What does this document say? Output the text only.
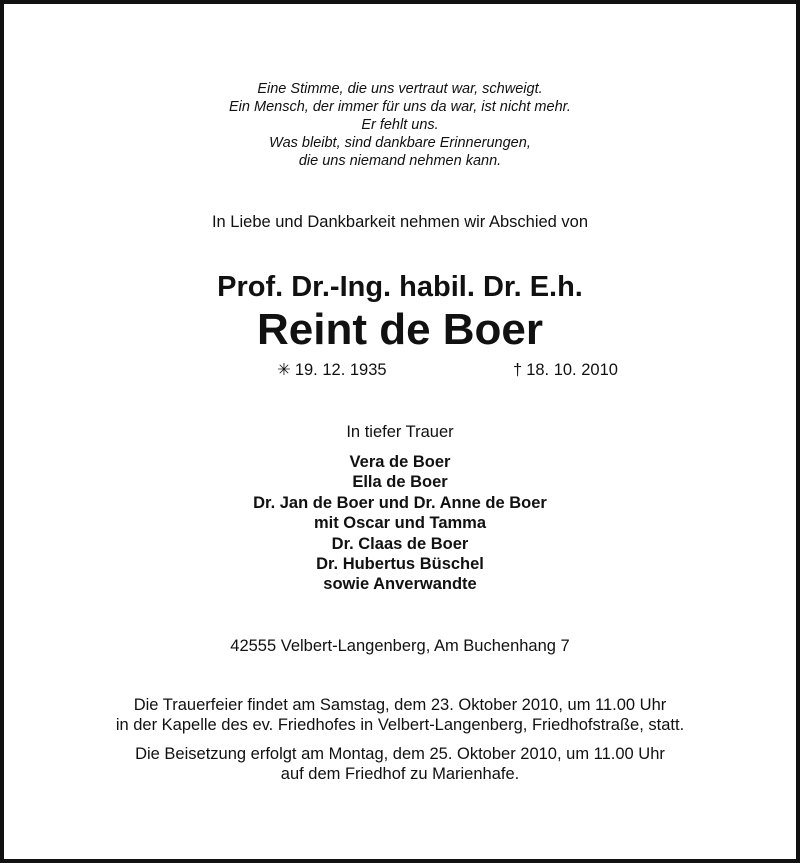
Eine Stimme, die uns vertraut war, schweigt.
Ein Mensch, der immer für uns da war, ist nicht mehr.
Er fehlt uns.
Was bleibt, sind dankbare Erinnerungen,
die uns niemand nehmen kann.
In Liebe und Dankbarkeit nehmen wir Abschied von
Prof. Dr.-Ing. habil. Dr. E.h.
Reint de Boer
✳ 19. 12. 1935	† 18. 10. 2010
In tiefer Trauer
Vera de Boer
Ella de Boer
Dr. Jan de Boer und Dr. Anne de Boer
mit Oscar und Tamma
Dr. Claas de Boer
Dr. Hubertus Büschel
sowie Anverwandte
42555 Velbert-Langenberg, Am Buchenhang 7
Die Trauerfeier findet am Samstag, dem 23. Oktober 2010, um 11.00 Uhr
in der Kapelle des ev. Friedhofes in Velbert-Langenberg, Friedhofstraße, statt.
Die Beisetzung erfolgt am Montag, dem 25. Oktober 2010, um 11.00 Uhr
auf dem Friedhof zu Marienhafe.
